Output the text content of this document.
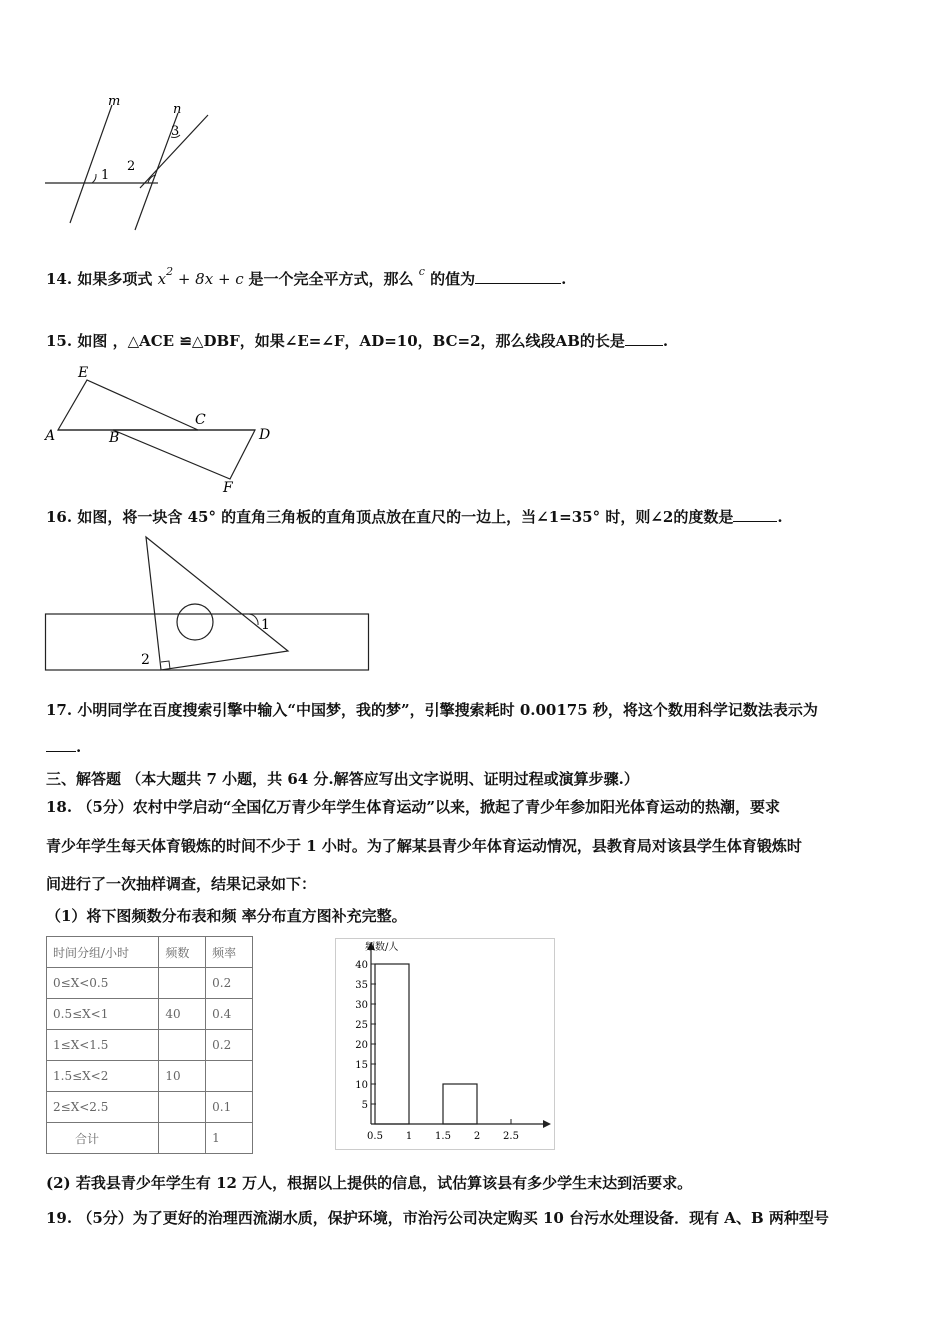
m
n
1
2
3
14. 如果多项式 $x^2 + 8x + c$ 是一个完全平方式，那么 $^c$ 的值为	.
15. 如图 ，△ACE ≌△DBF，如果∠E=∠F，AD=10，BC=2，那么线段AB的长是	.
E
A	B
C
D
F
16. 如图，将一块含 45° 的直角三角板的直角顶点放在直尺的一边上，当∠1=35° 时，则∠2的度数是	.
1
2
17. 小明同学在百度搜索引擎中输入“中国梦，我的梦”，引擎搜索耗时 0.00175 秒，将这个数用科学记数法表示为
.
三、解答题 （本大题共 7 小题，共 64 分.解答应写出文字说明、证明过程或演算步骤.）
18. （5分）农村中学启动“全国亿万青少年学生体育运动”以来，掀起了青少年参加阳光体育运动的热潮，要求
青少年学生每天体育锻炼的时间不少于 1 小时。为了解某县青少年体育运动情况，县教育局对该县学生体育锻炼时
间进行了一次抽样调查，结果记录如下：
（1）将下图频数分布表和频 率分布直方图补充完整。
时间分组/小时	频数	频率
0≤X<0.5		0.2
0.5≤X<1	40	0.4
1≤X<1.5		0.2
1.5≤X<2	10	
2≤X<2.5		0.1
合计		1
频数/人
5
10
15
20
25
30
35
40
0.5 1 1.5 2 2.5
(2) 若我县青少年学生有 12 万人，根据以上提供的信息，试估算该县有多少学生末达到活要求。
19. （5分）为了更好的治理西流湖水质，保护环境，市治污公司决定购买 10 台污水处理设备．现有 A、B 两种型号
